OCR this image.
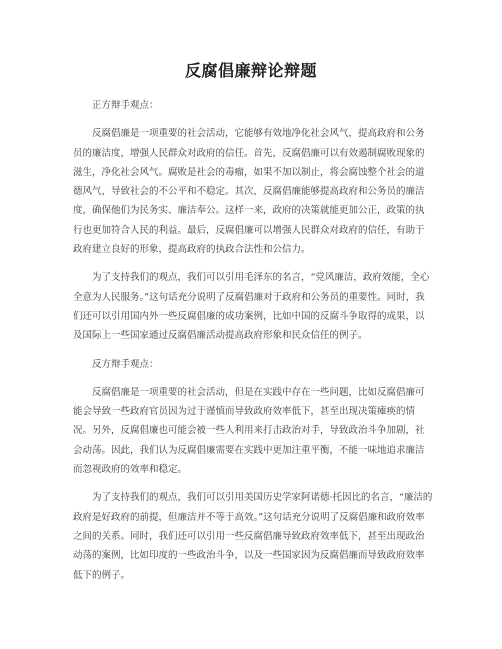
反腐倡廉辩论辩题

正方辩手观点：

反腐倡廉是一项重要的社会活动，它能够有效地净化社会风气，提高政府和公务员的廉洁度，增强人民群众对政府的信任。首先，反腐倡廉可以有效遏制腐败现象的滋生，净化社会风气。腐败是社会的毒瘤，如果不加以制止，将会腐蚀整个社会的道德风气，导致社会的不公平和不稳定。其次，反腐倡廉能够提高政府和公务员的廉洁度，确保他们为民务实、廉洁奉公。这样一来，政府的决策就能更加公正，政策的执行也更加符合人民的利益。最后，反腐倡廉可以增强人民群众对政府的信任，有助于政府建立良好的形象，提高政府的执政合法性和公信力。

为了支持我们的观点，我们可以引用毛泽东的名言，“党风廉洁，政府效能，全心全意为人民服务。”这句话充分说明了反腐倡廉对于政府和公务员的重要性。同时，我们还可以引用国内外一些反腐倡廉的成功案例，比如中国的反腐斗争取得的成果，以及国际上一些国家通过反腐倡廉活动提高政府形象和民众信任的例子。

反方辩手观点：

反腐倡廉是一项重要的社会活动，但是在实践中存在一些问题，比如反腐倡廉可能会导致一些政府官员因为过于谨慎而导致政府效率低下，甚至出现决策瘫痪的情况。另外，反腐倡廉也可能会被一些人利用来打击政治对手，导致政治斗争加剧，社会动荡。因此，我们认为反腐倡廉需要在实践中更加注重平衡，不能一味地追求廉洁而忽视政府的效率和稳定。

为了支持我们的观点，我们可以引用美国历史学家阿诺德·托因比的名言，“廉洁的政府是好政府的前提，但廉洁并不等于高效。”这句话充分说明了反腐倡廉和政府效率之间的关系。同时，我们还可以引用一些反腐倡廉导致政府效率低下，甚至出现政治动荡的案例，比如印度的一些政治斗争，以及一些国家因为反腐倡廉而导致政府效率低下的例子。
